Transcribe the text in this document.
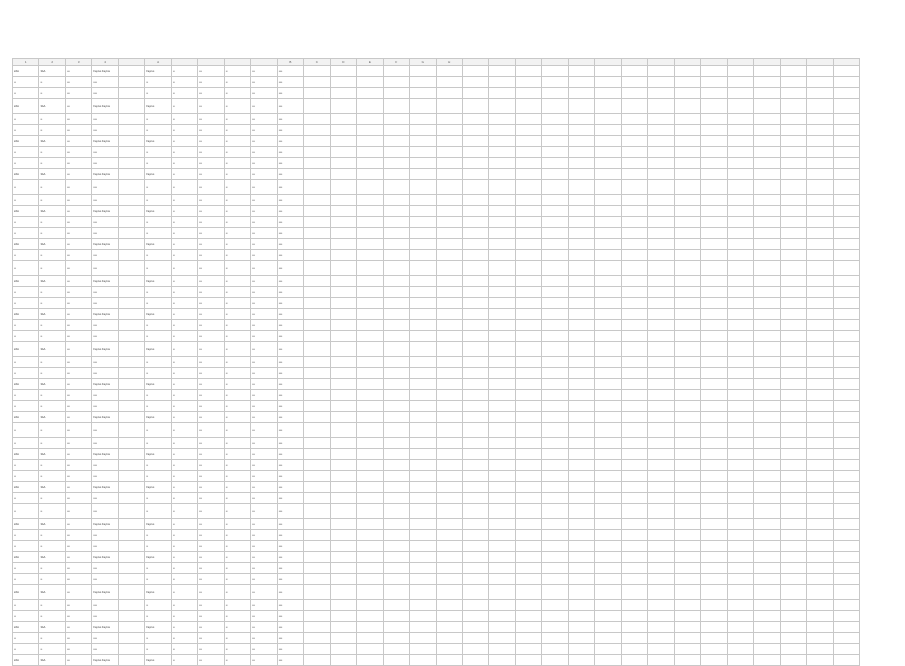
1	2	3	4		A					B	C	D	E	F	G	H															
2AA	3AA	•••	Fayrus Fayrus		Fayrus	••	•••	••	•••	••••																					
••	••	•••	••••		••	••	•••	••	•••	••••																					
••	••	•••	••••		••	••	•••	••	•••	••••																					
2AA	3AA	•••	Fayrus Fayrus		Fayrus	••	•••	••	•••	••••																					
••	••	•••	••••		••	••	•••	••	•••	••••																					
••	••	•••	••••		••	••	•••	••	•••	••••																					
2AA	3AA	•••	Fayrus Fayrus		Fayrus	••	•••	••	•••	••••																					
••	••	•••	••••		••	••	•••	••	•••	••••																					
••	••	•••	••••		••	••	•••	••	•••	••••																					
2AA	3AA	•••	Fayrus Fayrus		Fayrus	••	•••	••	•••	••••																					
••	••	•••	••••		••	••	•••	••	•••	••••																					
••	••	•••	••••		••	••	•••	••	•••	••••																					
2AA	3AA	•••	Fayrus Fayrus		Fayrus	••	•••	••	•••	••••																					
••	••	•••	••••		••	••	•••	••	•••	••••																					
••	••	•••	••••		••	••	•••	••	•••	••••																					
2AA	3AA	•••	Fayrus Fayrus		Fayrus	••	•••	••	•••	••••																					
••	••	•••	••••		••	••	•••	••	•••	••••																					
••	••	•••	••••		••	••	•••	••	•••	••••																					
2AA	3AA	•••	Fayrus Fayrus		Fayrus	••	•••	••	•••	••••																					
••	••	•••	••••		••	••	•••	••	•••	••••																					
••	••	•••	••••		••	••	•••	••	•••	••••																					
2AA	3AA	•••	Fayrus Fayrus		Fayrus	••	•••	••	•••	••••																					
••	••	•••	••••		••	••	•••	••	•••	••••																					
••	••	•••	••••		••	••	•••	••	•••	••••																					
2AA	3AA	•••	Fayrus Fayrus		Fayrus	••	•••	••	•••	••••																					
••	••	•••	••••		••	••	•••	••	•••	••••																					
••	••	•••	••••		••	••	•••	••	•••	••••																					
2AA	3AA	•••	Fayrus Fayrus		Fayrus	••	•••	••	•••	••••																					
••	••	•••	••••		••	••	•••	••	•••	••••																					
••	••	•••	••••		••	••	•••	••	•••	••••																					
2AA	3AA	•••	Fayrus Fayrus		Fayrus	••	•••	••	•••	••••																					
••	••	•••	••••		••	••	•••	••	•••	••••																					
••	••	•••	••••		••	••	•••	••	•••	••••																					
2AA	3AA	•••	Fayrus Fayrus		Fayrus	••	•••	••	•••	••••																					
••	••	•••	••••		••	••	•••	••	•••	••••																					
••	••	•••	••••		••	••	•••	••	•••	••••																					
2AA	3AA	•••	Fayrus Fayrus		Fayrus	••	•••	••	•••	••••																					
••	••	•••	••••		••	••	•••	••	•••	••••																					
••	••	•••	••••		••	••	•••	••	•••	••••																					
2AA	3AA	•••	Fayrus Fayrus		Fayrus	••	•••	••	•••	••••																					
••	••	•••	••••		••	••	•••	••	•••	••••																					
••	••	•••	••••		••	••	•••	••	•••	••••																					
2AA	3AA	•••	Fayrus Fayrus		Fayrus	••	•••	••	•••	••••																					
••	••	•••	••••		••	••	•••	••	•••	••••																					
••	••	•••	••••		••	••	•••	••	•••	••••																					
2AA	3AA	•••	Fayrus Fayrus		Fayrus	••	•••	••	•••	••••																					
••	••	•••	••••		••	••	•••	••	•••	••••																					
••	••	•••	••••		••	••	•••	••	•••	••••																					
2AA	3AA	•••	Fayrus Fayrus		Fayrus	••	•••	••	•••	••••																					
••	••	•••	••••		••	••	•••	••	•••	••••																					
••	••	•••	••••		••	••	•••	••	•••	••••																					
2AA	3AA	•••	Fayrus Fayrus		Fayrus	••	•••	••	•••	••••																					
